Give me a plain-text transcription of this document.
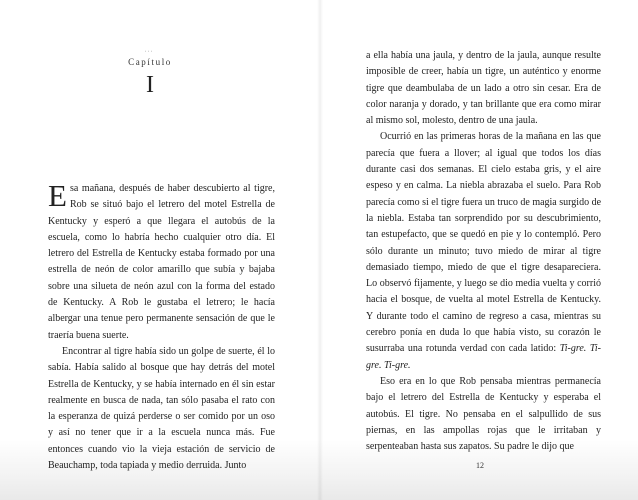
···
Capítulo
I

Esa mañana, después de haber descubierto al tigre, Rob se situó bajo el letrero del motel Estrella de Kentucky y esperó a que llegara el autobús de la escuela, como lo habría hecho cualquier otro día. El letrero del Estrella de Kentucky estaba formado por una estrella de neón de color amarillo que subía y bajaba sobre una silueta de neón azul con la forma del estado de Kentucky. A Rob le gustaba el letrero; le hacía albergar una tenue pero permanente sensación de que le traería buena suerte.

Encontrar al tigre había sido un golpe de suerte, él lo sabía. Había salido al bosque que hay detrás del motel Estrella de Kentucky, y se había internado en él sin estar realmente en busca de nada, tan sólo pasaba el rato con la esperanza de quizá perderse o ser comido por un oso y así no tener que ir a la escuela nunca más. Fue entonces cuando vio la vieja estación de servicio de Beauchamp, toda tapiada y medio derruida. Junto

a ella había una jaula, y dentro de la jaula, aunque resulte imposible de creer, había un tigre, un auténtico y enorme tigre que deambulaba de un lado a otro sin cesar. Era de color naranja y dorado, y tan brillante que era como mirar al mismo sol, molesto, dentro de una jaula.

Ocurrió en las primeras horas de la mañana en las que parecía que fuera a llover; al igual que todos los días durante casi dos semanas. El cielo estaba gris, y el aire espeso y en calma. La niebla abrazaba el suelo. Para Rob parecía como si el tigre fuera un truco de magia surgido de la niebla. Estaba tan sorprendido por su descubrimiento, tan estupefacto, que se quedó en pie y lo contempló. Pero sólo durante un minuto; tuvo miedo de mirar al tigre demasiado tiempo, miedo de que el tigre desapareciera. Lo observó fijamente, y luego se dio media vuelta y corrió hacia el bosque, de vuelta al motel Estrella de Kentucky. Y durante todo el camino de regreso a casa, mientras su cerebro ponía en duda lo que había visto, su corazón le susurraba una rotunda verdad con cada latido: Ti-gre. Ti-gre. Ti-gre.

Eso era en lo que Rob pensaba mientras permanecía bajo el letrero del Estrella de Kentucky y esperaba el autobús. El tigre. No pensaba en el salpullido de sus piernas, en las ampollas rojas que le irritaban y serpenteaban hasta sus zapatos. Su padre le dijo que

12
